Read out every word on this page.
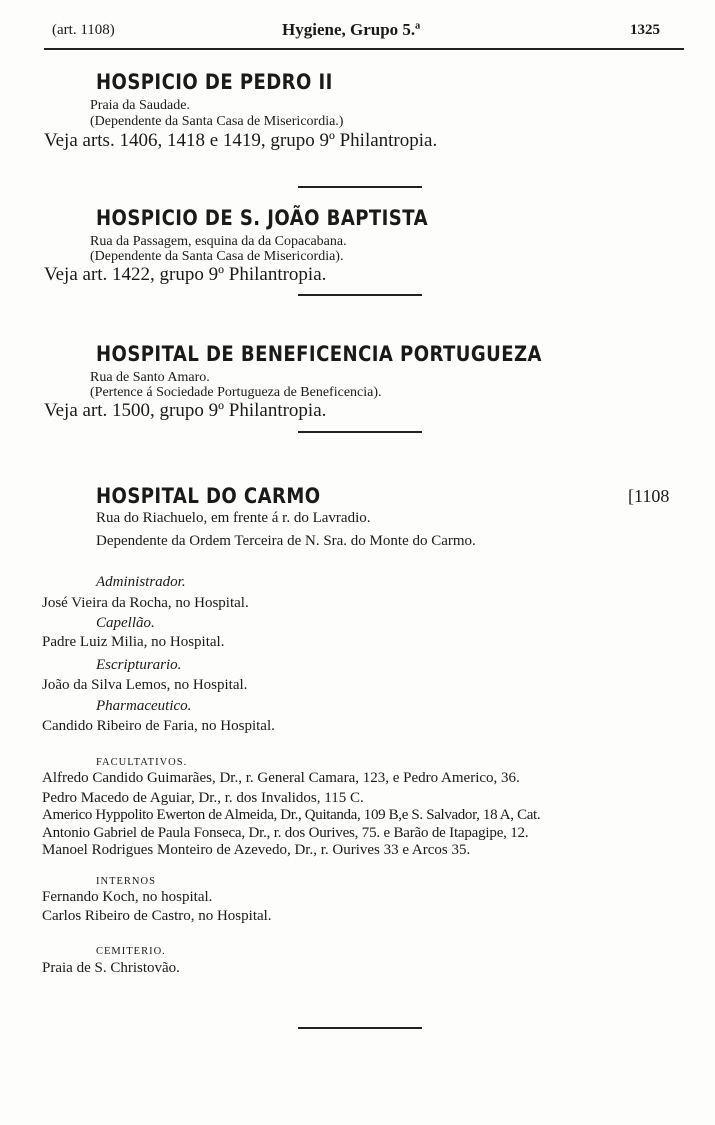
(art. 1108)	Hygiene, Grupo 5.ª	1325
HOSPICIO DE PEDRO II
Praia da Saudade.
(Dependente da Santa Casa de Misericordia.)
Veja arts. 1406, 1418 e 1419, grupo 9º Philantropia.
HOSPICIO DE S. JOÃO BAPTISTA
Rua da Passagem, esquina da da Copacabana.
(Dependente da Santa Casa de Misericordia).
Veja art. 1422, grupo 9º Philantropia.
HOSPITAL DE BENEFICENCIA PORTUGUEZA
Rua de Santo Amaro.
(Pertence á Sociedade Portugueza de Beneficencia).
Veja art. 1500, grupo 9º Philantropia.
HOSPITAL DO CARMO	[1108
Rua do Riachuelo, em frente á r. do Lavradio.
Dependente da Ordem Terceira de N. Sra. do Monte do Carmo.
Administrador.
José Vieira da Rocha, no Hospital.
Capellão.
Padre Luiz Milia, no Hospital.
Escripturario.
João da Silva Lemos, no Hospital.
Pharmaceutico.
Candido Ribeiro de Faria, no Hospital.
FACULTATIVOS.
Alfredo Candido Guimarães, Dr., r. General Camara, 123, e Pedro Americo, 36.
Pedro Macedo de Aguiar, Dr., r. dos Invalidos, 115 C.
Americo Hyppolito Ewerton de Almeida, Dr., Quitanda, 109 B,e S. Salvador, 18 A, Cat.
Antonio Gabriel de Paula Fonseca, Dr., r. dos Ourives, 75. e Barão de Itapagipe, 12.
Manoel Rodrigues Monteiro de Azevedo, Dr., r. Ourives 33 e Arcos 35.
INTERNOS
Fernando Koch, no hospital.
Carlos Ribeiro de Castro, no Hospital.
CEMITERIO.
Praia de S. Christovão.
